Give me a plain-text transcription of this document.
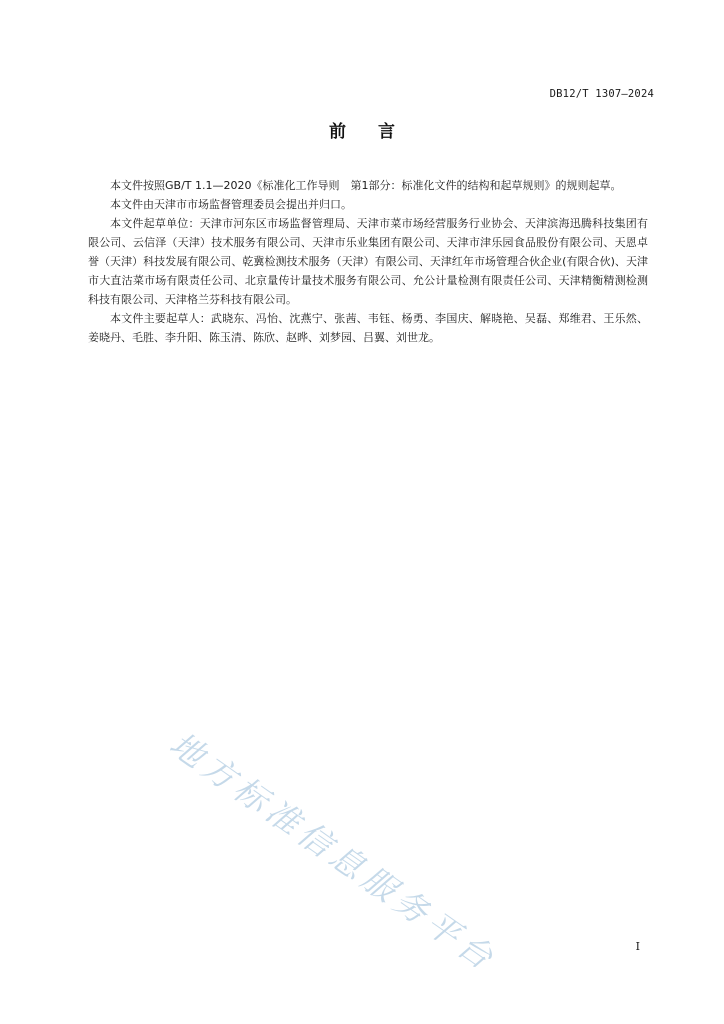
DB12/T 1307—2024
前言

本文件按照GB/T 1.1—2020《标准化工作导则　第1部分：标准化文件的结构和起草规则》的规则起草。

本文件由天津市市场监督管理委员会提出并归口。

本文件起草单位：天津市河东区市场监督管理局、天津市菜市场经营服务行业协会、天津滨海迅腾科技集团有限公司、云信泽（天津）技术服务有限公司、天津市乐业集团有限公司、天津市津乐园食品股份有限公司、天恩卓誉（天津）科技发展有限公司、乾冀检测技术服务（天津）有限公司、天津红年市场管理合伙企业(有限合伙)、天津市大直沽菜市场有限责任公司、北京量传计量技术服务有限公司、允公计量检测有限责任公司、天津精衡精测检测科技有限公司、天津格兰芬科技有限公司。

本文件主要起草人：武晓东、冯怡、沈燕宁、张茜、韦钰、杨勇、李国庆、解晓艳、吴磊、郑维君、王乐然、姜晓丹、毛胜、李升阳、陈玉清、陈欣、赵晔、刘梦园、吕翼、刘世龙。

地方标准信息服务平台	I
